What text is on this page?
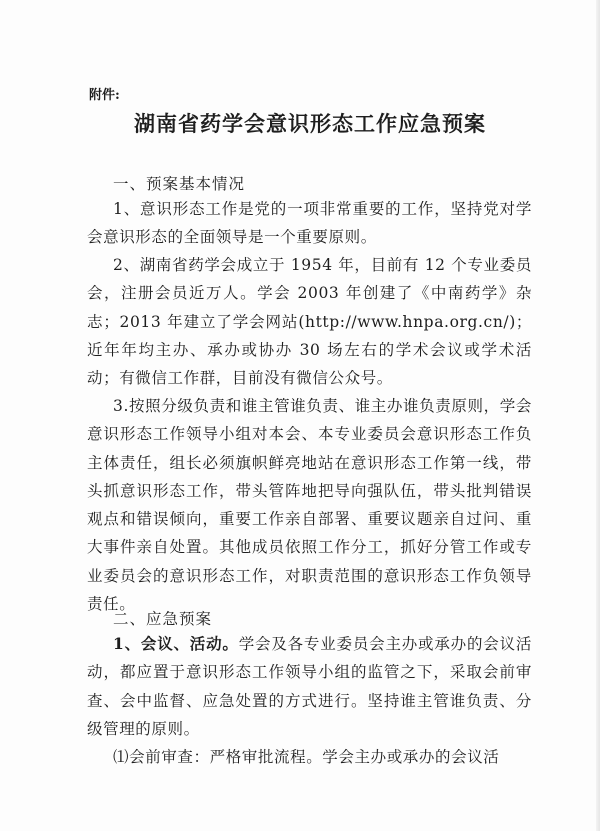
附件:
湖南省药学会意识形态工作应急预案
一、预案基本情况

1、意识形态工作是党的一项非常重要的工作，坚持党对学会意识形态的全面领导是一个重要原则。

2、湖南省药学会成立于 1954 年，目前有 12 个专业委员会，注册会员近万人。学会 2003 年创建了《中南药学》杂志；2013 年建立了学会网站(http://www.hnpa.org.cn/)；近年年均主办、承办或协办 30 场左右的学术会议或学术活动；有微信工作群，目前没有微信公众号。

3.按照分级负责和谁主管谁负责、谁主办谁负责原则，学会意识形态工作领导小组对本会、本专业委员会意识形态工作负主体责任，组长必须旗帜鲜亮地站在意识形态工作第一线，带头抓意识形态工作，带头管阵地把导向强队伍，带头批判错误观点和错误倾向，重要工作亲自部署、重要议题亲自过问、重大事件亲自处置。其他成员依照工作分工，抓好分管工作或专业委员会的意识形态工作，对职责范围的意识形态工作负领导责任。

二、应急预案

1、会议、活动。学会及各专业委员会主办或承办的会议活动，都应置于意识形态工作领导小组的监管之下，采取会前审查、会中监督、应急处置的方式进行。坚持谁主管谁负责、分级管理的原则。

⑴会前审查：严格审批流程。学会主办或承办的会议活
